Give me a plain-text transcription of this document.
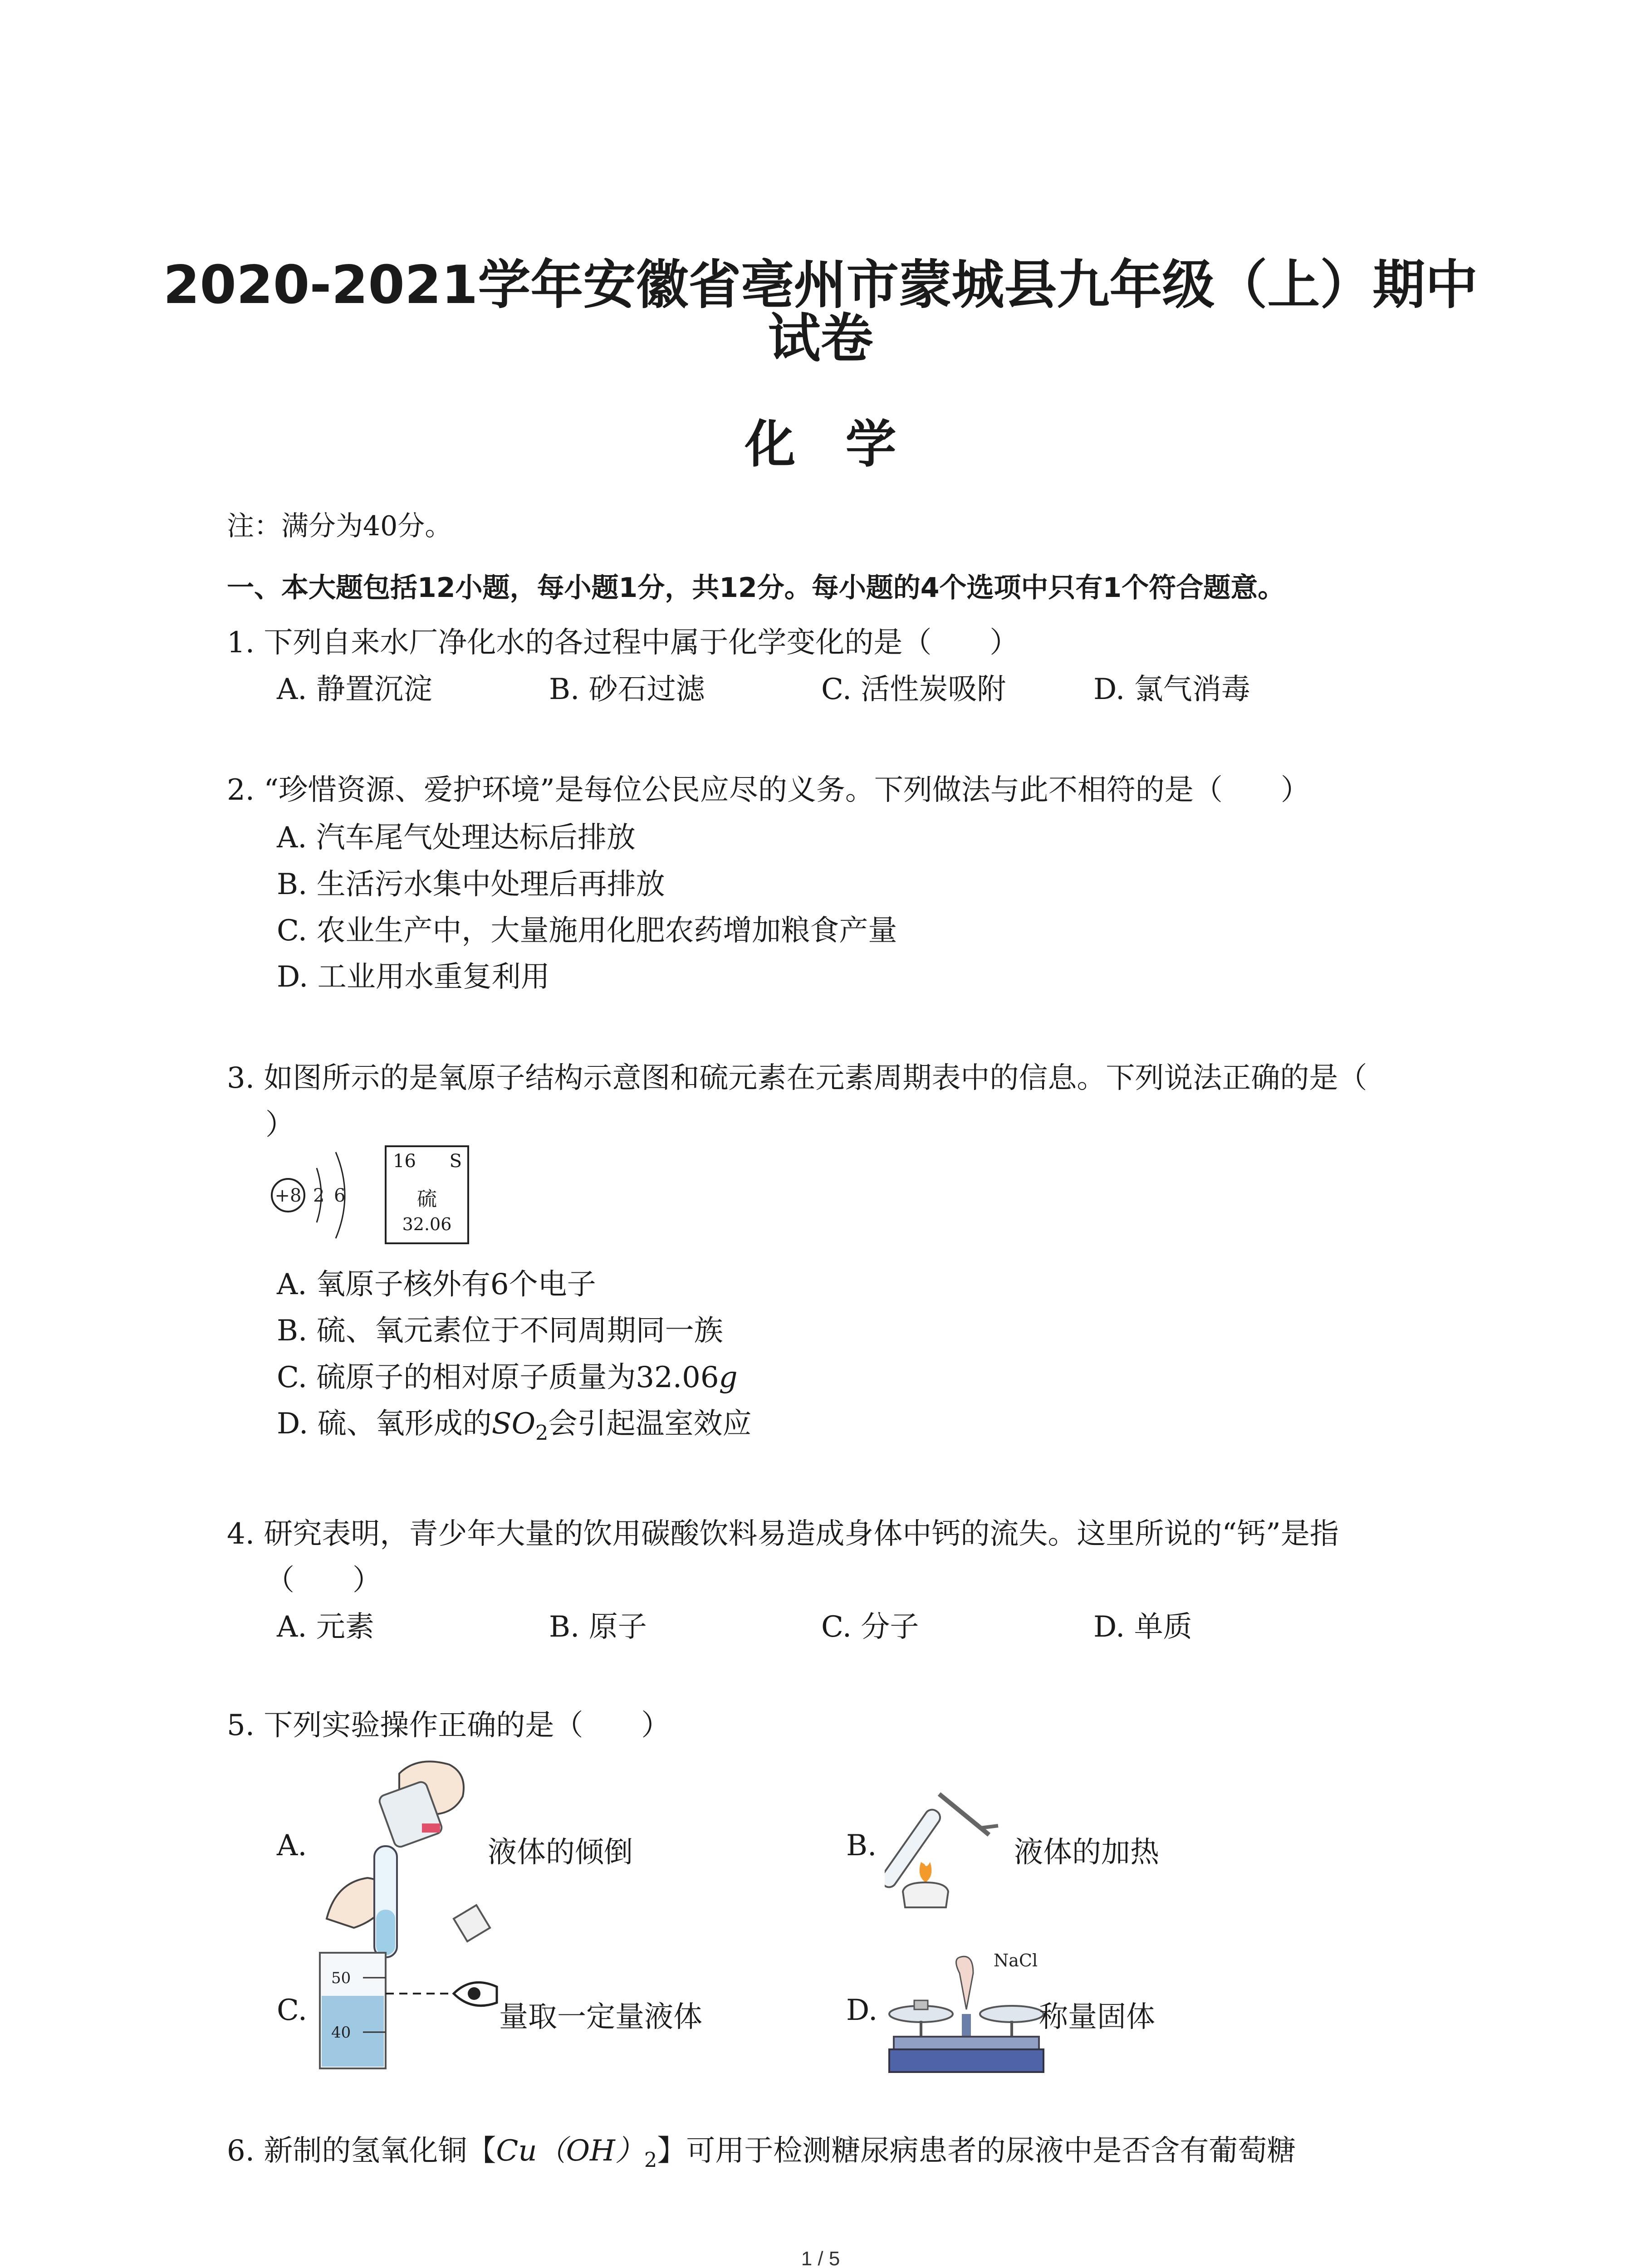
2020-2021学年安徽省亳州市蒙城县九年级（上）期中
试卷
化学
注：满分为40分。
一、本大题包括12小题，每小题1分，共12分。每小题的4个选项中只有1个符合题意。
1. 下列自来水厂净化水的各过程中属于化学变化的是（　　）
A. 静置沉淀	B. 砂石过滤	C. 活性炭吸附	D. 氯气消毒
2. “珍惜资源、爱护环境”是每位公民应尽的义务。下列做法与此不相符的是（　　）
A. 汽车尾气处理达标后排放
B. 生活污水集中处理后再排放
C. 农业生产中，大量施用化肥农药增加粮食产量
D. 工业用水重复利用
3. 如图所示的是氧原子结构示意图和硫元素在元素周期表中的信息。下列说法正确的是（
）
+8 2 6
16 S
硫
32.06
A. 氧原子核外有6个电子
B. 硫、氧元素位于不同周期同一族
C. 硫原子的相对原子质量为32.06g
D. 硫、氧形成的$SO_2$会引起温室效应
4. 研究表明，青少年大量的饮用碳酸饮料易造成身体中钙的流失。这里所说的“钙”是指
（　　）
A. 元素	B. 原子	C. 分子	D. 单质
5. 下列实验操作正确的是（　　）
A.	液体的倾倒	B.	液体的加热
C.
50
40	量取一定量液体	D.
NaCl
称量固体
6. 新制的氢氧化铜【$Cu(OH)_2$】可用于检测糖尿病患者的尿液中是否含有葡萄糖
1 / 5
